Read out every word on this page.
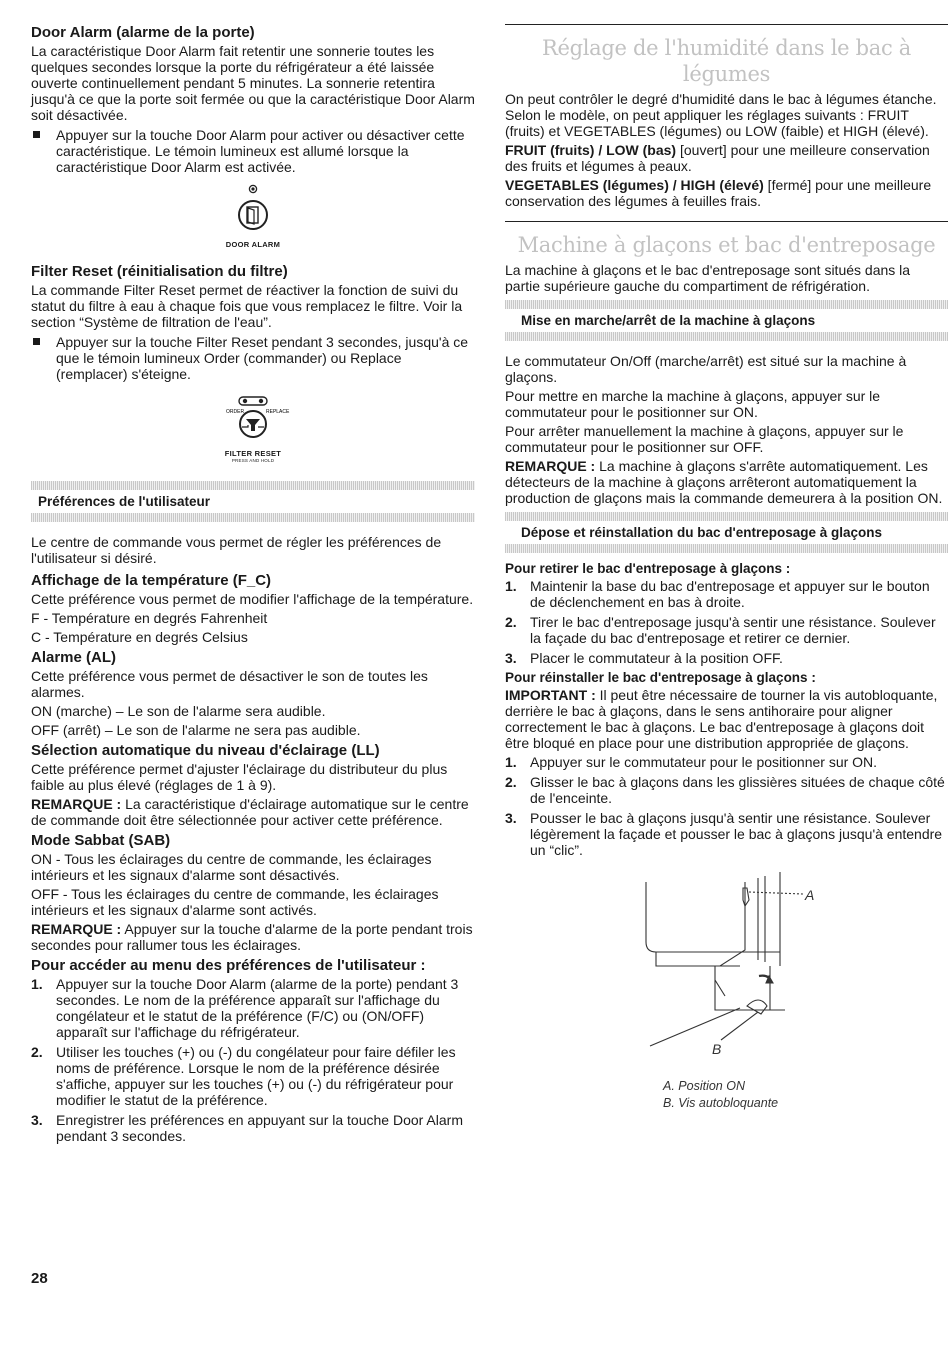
Door Alarm (alarme de la porte)

La caractéristique Door Alarm fait retentir une sonnerie toutes les quelques secondes lorsque la porte du réfrigérateur a été laissée ouverte continuellement pendant 5 minutes. La sonnerie retentira jusqu'à ce que la porte soit fermée ou que la caractéristique Door Alarm soit désactivée.

Appuyer sur la touche Door Alarm pour activer ou désactiver cette caractéristique. Le témoin lumineux est allumé lorsque la caractéristique Door Alarm est activée.
DOOR ALARM
Filter Reset (réinitialisation du filtre)

La commande Filter Reset permet de réactiver la fonction de suivi du statut du filtre à eau à chaque fois que vous remplacez le filtre. Voir la section “Système de filtration de l'eau”.

Appuyer sur la touche Filter Reset pendant 3 secondes, jusqu'à ce que le témoin lumineux Order (commander) ou Replace (remplacer) s'éteigne.
ORDER	REPLACE
FILTER RESET
PRESS AND HOLD

Préférences de l'utilisateur

Le centre de commande vous permet de régler les préférences de l'utilisateur si désiré.

Affichage de la température (F_C)

Cette préférence vous permet de modifier l'affichage de la température.

F - Température en degrés Fahrenheit

C - Température en degrés Celsius

Alarme (AL)

Cette préférence vous permet de désactiver le son de toutes les alarmes.

ON (marche) – Le son de l'alarme sera audible.

OFF (arrêt) – Le son de l'alarme ne sera pas audible.

Sélection automatique du niveau d'éclairage (LL)

Cette préférence permet d'ajuster l'éclairage du distributeur du plus faible au plus élevé (réglages de 1 à 9).

REMARQUE : La caractéristique d'éclairage automatique sur le centre de commande doit être sélectionnée pour activer cette préférence.

Mode Sabbat (SAB)

ON - Tous les éclairages du centre de commande, les éclairages intérieurs et les signaux d'alarme sont désactivés.

OFF - Tous les éclairages du centre de commande, les éclairages intérieurs et les signaux d'alarme sont activés.

REMARQUE : Appuyer sur la touche d'alarme de la porte pendant trois secondes pour rallumer tous les éclairages.

Pour accéder au menu des préférences de l'utilisateur :
1. Appuyer sur la touche Door Alarm (alarme de la porte) pendant 3 secondes. Le nom de la préférence apparaît sur l'affichage du congélateur et le statut de la préférence (F/C) ou (ON/OFF) apparaît sur l'affichage du réfrigérateur.
2. Utiliser les touches (+) ou (-) du congélateur pour faire défiler les noms de préférence. Lorsque le nom de la préférence désirée s'affiche, appuyer sur les touches (+) ou (-) du réfrigérateur pour modifier le statut de la préférence.
3. Enregistrer les préférences en appuyant sur la touche Door Alarm pendant 3 secondes.
Réglage de l'humidité dans le bac à légumes

On peut contrôler le degré d'humidité dans le bac à légumes étanche. Selon le modèle, on peut appliquer les réglages suivants : FRUIT (fruits) et VEGETABLES (légumes) ou LOW (faible) et HIGH (élevé).

FRUIT (fruits) / LOW (bas) [ouvert] pour une meilleure conservation des fruits et légumes à peaux.

VEGETABLES (légumes) / HIGH (élevé) [fermé] pour une meilleure conservation des légumes à feuilles frais.

Machine à glaçons et bac d'entreposage

La machine à glaçons et le bac d'entreposage sont situés dans la partie supérieure gauche du compartiment de réfrigération.

Mise en marche/arrêt de la machine à glaçons

Le commutateur On/Off (marche/arrêt) est situé sur la machine à glaçons.

Pour mettre en marche la machine à glaçons, appuyer sur le commutateur pour le positionner sur ON.

Pour arrêter manuellement la machine à glaçons, appuyer sur le commutateur pour le positionner sur OFF.

REMARQUE : La machine à glaçons s'arrête automatiquement. Les détecteurs de la machine à glaçons arrêteront automatiquement la production de glaçons mais la commande demeurera à la position ON.

Dépose et réinstallation du bac d'entreposage à glaçons

Pour retirer le bac d'entreposage à glaçons :
1. Maintenir la base du bac d'entreposage et appuyer sur le bouton de déclenchement en bas à droite.
2. Tirer le bac d'entreposage jusqu'à sentir une résistance. Soulever la façade du bac d'entreposage et retirer ce dernier.
3. Placer le commutateur à la position OFF.
Pour réinstaller le bac d'entreposage à glaçons :

IMPORTANT : Il peut être nécessaire de tourner la vis autobloquante, derrière le bac à glaçons, dans le sens antihoraire pour aligner correctement le bac à glaçons. Le bac d'entreposage à glaçons doit être bloqué en place pour une distribution appropriée de glaçons.

1. Appuyer sur le commutateur pour le positionner sur ON.
2. Glisser le bac à glaçons dans les glissières situées de chaque côté de l'enceinte.
3. Pousser le bac à glaçons jusqu'à sentir une résistance. Soulever légèrement la façade et pousser le bac à glaçons jusqu'à entendre un “clic”.
A
B
A. Position ON
B. Vis autobloquante
28
